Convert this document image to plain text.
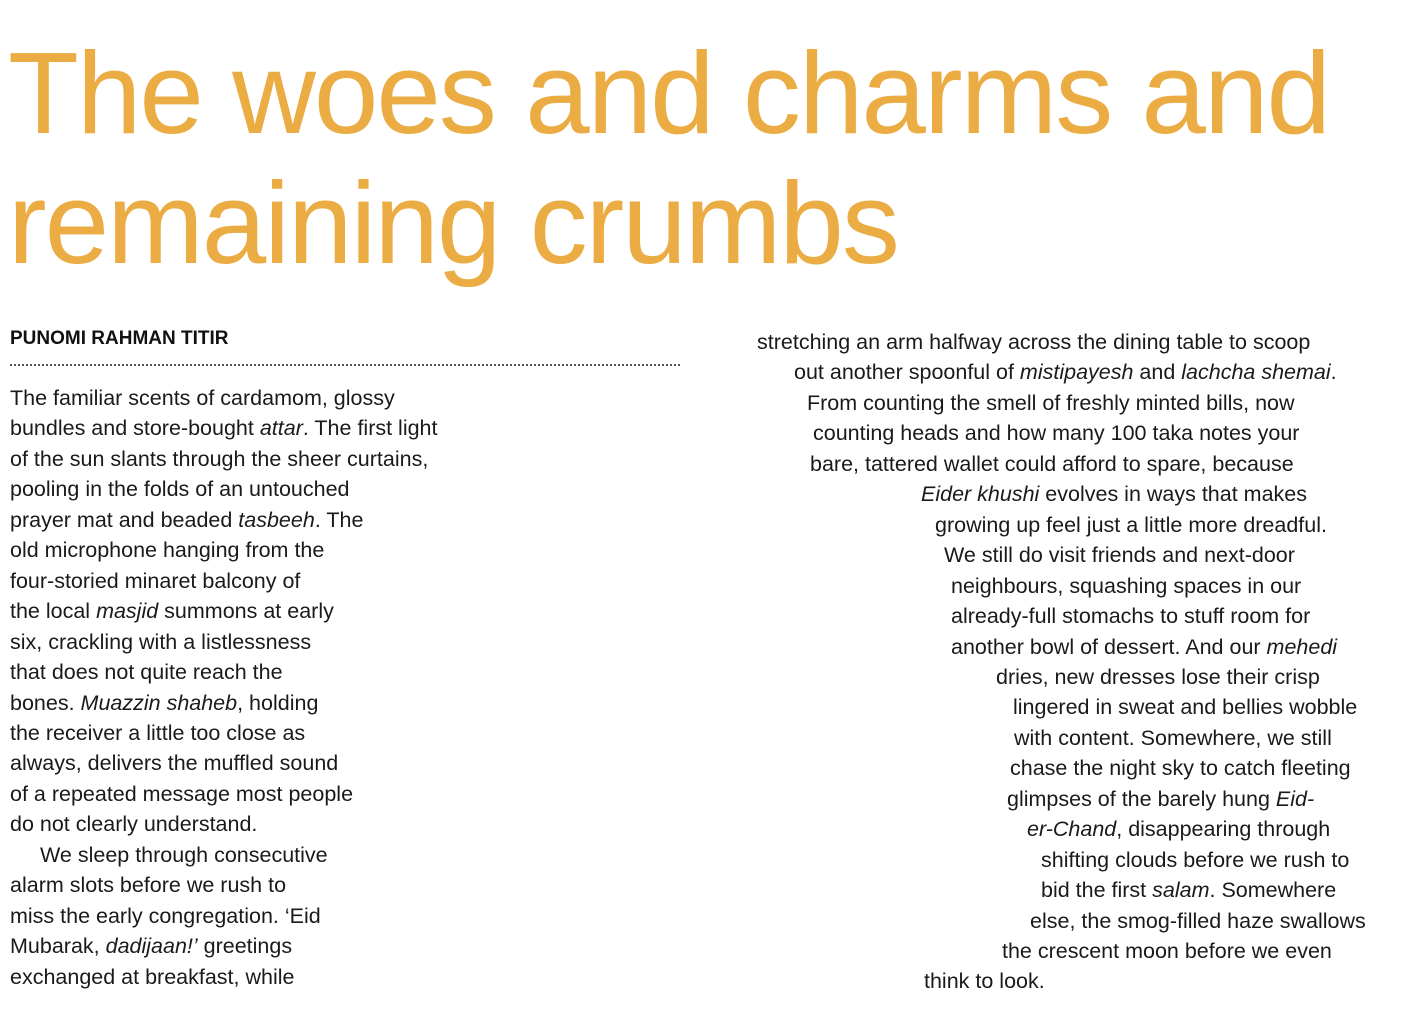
The woes and charms and
remaining crumbs
PUNOMI RAHMAN TITIR
The familiar scents of cardamom, glossy
bundles and store-bought attar. The first light
of the sun slants through the sheer curtains,
pooling in the folds of an untouched
prayer mat and beaded tasbeeh. The
old microphone hanging from the
four-storied minaret balcony of
the local masjid summons at early
six, crackling with a listlessness
that does not quite reach the
bones. Muazzin shaheb, holding
the receiver a little too close as
always, delivers the muffled sound
of a repeated message most people
do not clearly understand.
We sleep through consecutive
alarm slots before we rush to
miss the early congregation. ‘Eid
Mubarak, dadijaan!’ greetings
exchanged at breakfast, while
stretching an arm halfway across the dining table to scoop
out another spoonful of mistipayesh and lachcha shemai.
From counting the smell of freshly minted bills, now
counting heads and how many 100 taka notes your
bare, tattered wallet could afford to spare, because
Eider khushi evolves in ways that makes
growing up feel just a little more dreadful.
We still do visit friends and next-door
neighbours, squashing spaces in our
already-full stomachs to stuff room for
another bowl of dessert. And our mehedi
dries, new dresses lose their crisp
lingered in sweat and bellies wobble
with content. Somewhere, we still
chase the night sky to catch fleeting
glimpses of the barely hung Eid-
er-Chand, disappearing through
shifting clouds before we rush to
bid the first salam. Somewhere
else, the smog-filled haze swallows
the crescent moon before we even
think to look.
